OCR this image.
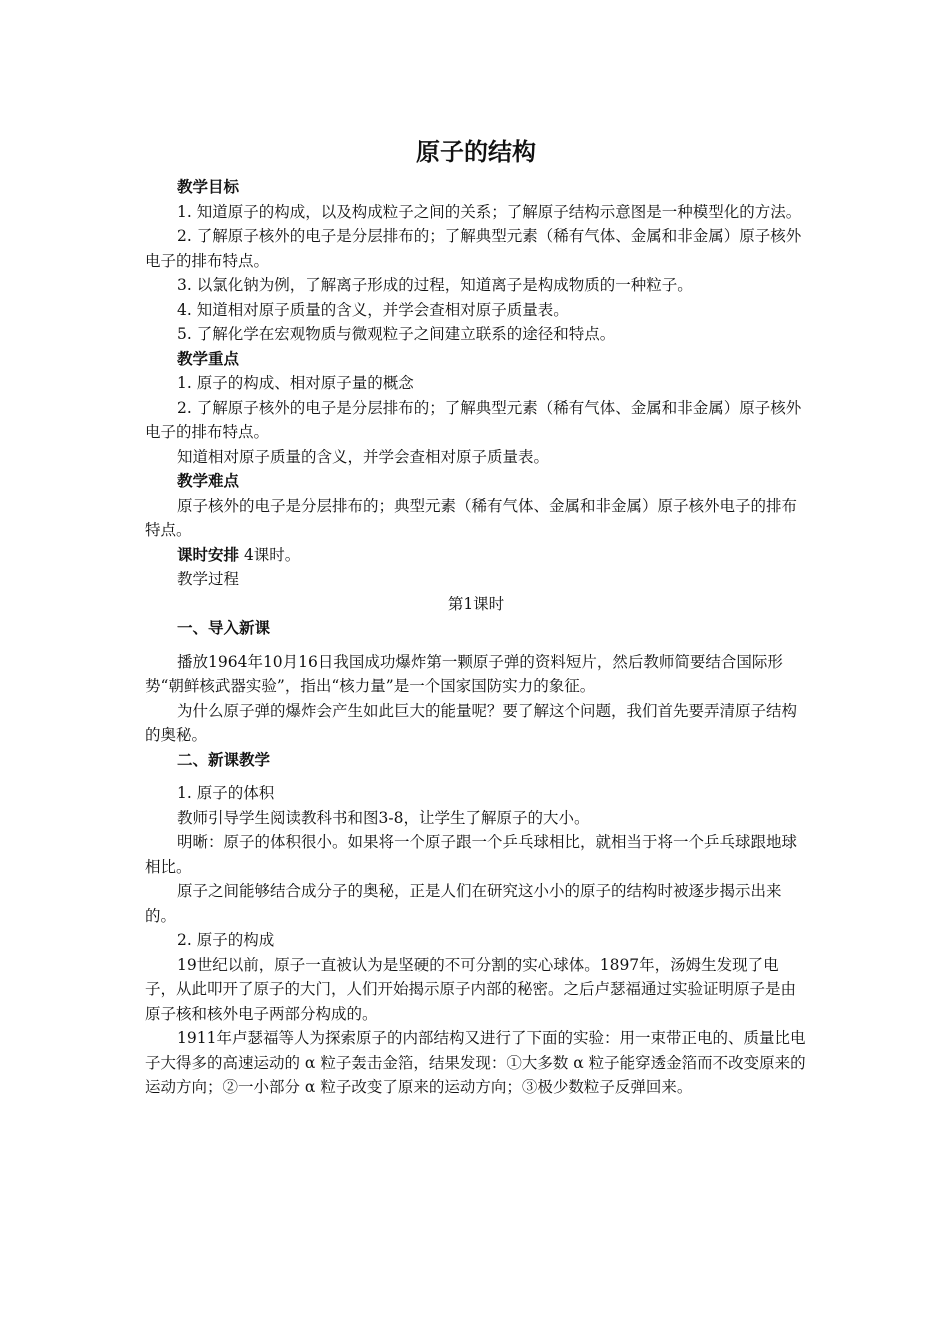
原子的结构

教学目标

1. 知道原子的构成，以及构成粒子之间的关系；了解原子结构示意图是一种模型化的方法。

2. 了解原子核外的电子是分层排布的；了解典型元素（稀有气体、金属和非金属）原子核外电子的排布特点。

3. 以氯化钠为例，了解离子形成的过程，知道离子是构成物质的一种粒子。

4. 知道相对原子质量的含义，并学会查相对原子质量表。

5. 了解化学在宏观物质与微观粒子之间建立联系的途径和特点。

教学重点

1. 原子的构成、相对原子量的概念

2. 了解原子核外的电子是分层排布的；了解典型元素（稀有气体、金属和非金属）原子核外电子的排布特点。

知道相对原子质量的含义，并学会查相对原子质量表。

教学难点

原子核外的电子是分层排布的；典型元素（稀有气体、金属和非金属）原子核外电子的排布特点。

课时安排 4课时。

教学过程

第1课时

一、导入新课

播放1964年10月16日我国成功爆炸第一颗原子弹的资料短片，然后教师简要结合国际形势“朝鲜核武器实验”，指出“核力量”是一个国家国防实力的象征。

为什么原子弹的爆炸会产生如此巨大的能量呢？要了解这个问题，我们首先要弄清原子结构的奥秘。

二、新课教学

1. 原子的体积

教师引导学生阅读教科书和图3-8，让学生了解原子的大小。

明晰：原子的体积很小。如果将一个原子跟一个乒乓球相比，就相当于将一个乒乓球跟地球相比。

原子之间能够结合成分子的奥秘，正是人们在研究这小小的原子的结构时被逐步揭示出来的。

2. 原子的构成

19世纪以前，原子一直被认为是坚硬的不可分割的实心球体。1897年，汤姆生发现了电子，从此叩开了原子的大门，人们开始揭示原子内部的秘密。之后卢瑟福通过实验证明原子是由原子核和核外电子两部分构成的。

1911年卢瑟福等人为探索原子的内部结构又进行了下面的实验：用一束带正电的、质量比电子大得多的高速运动的 α 粒子轰击金箔，结果发现：①大多数 α 粒子能穿透金箔而不改变原来的运动方向；②一小部分 α 粒子改变了原来的运动方向；③极少数粒子反弹回来。
